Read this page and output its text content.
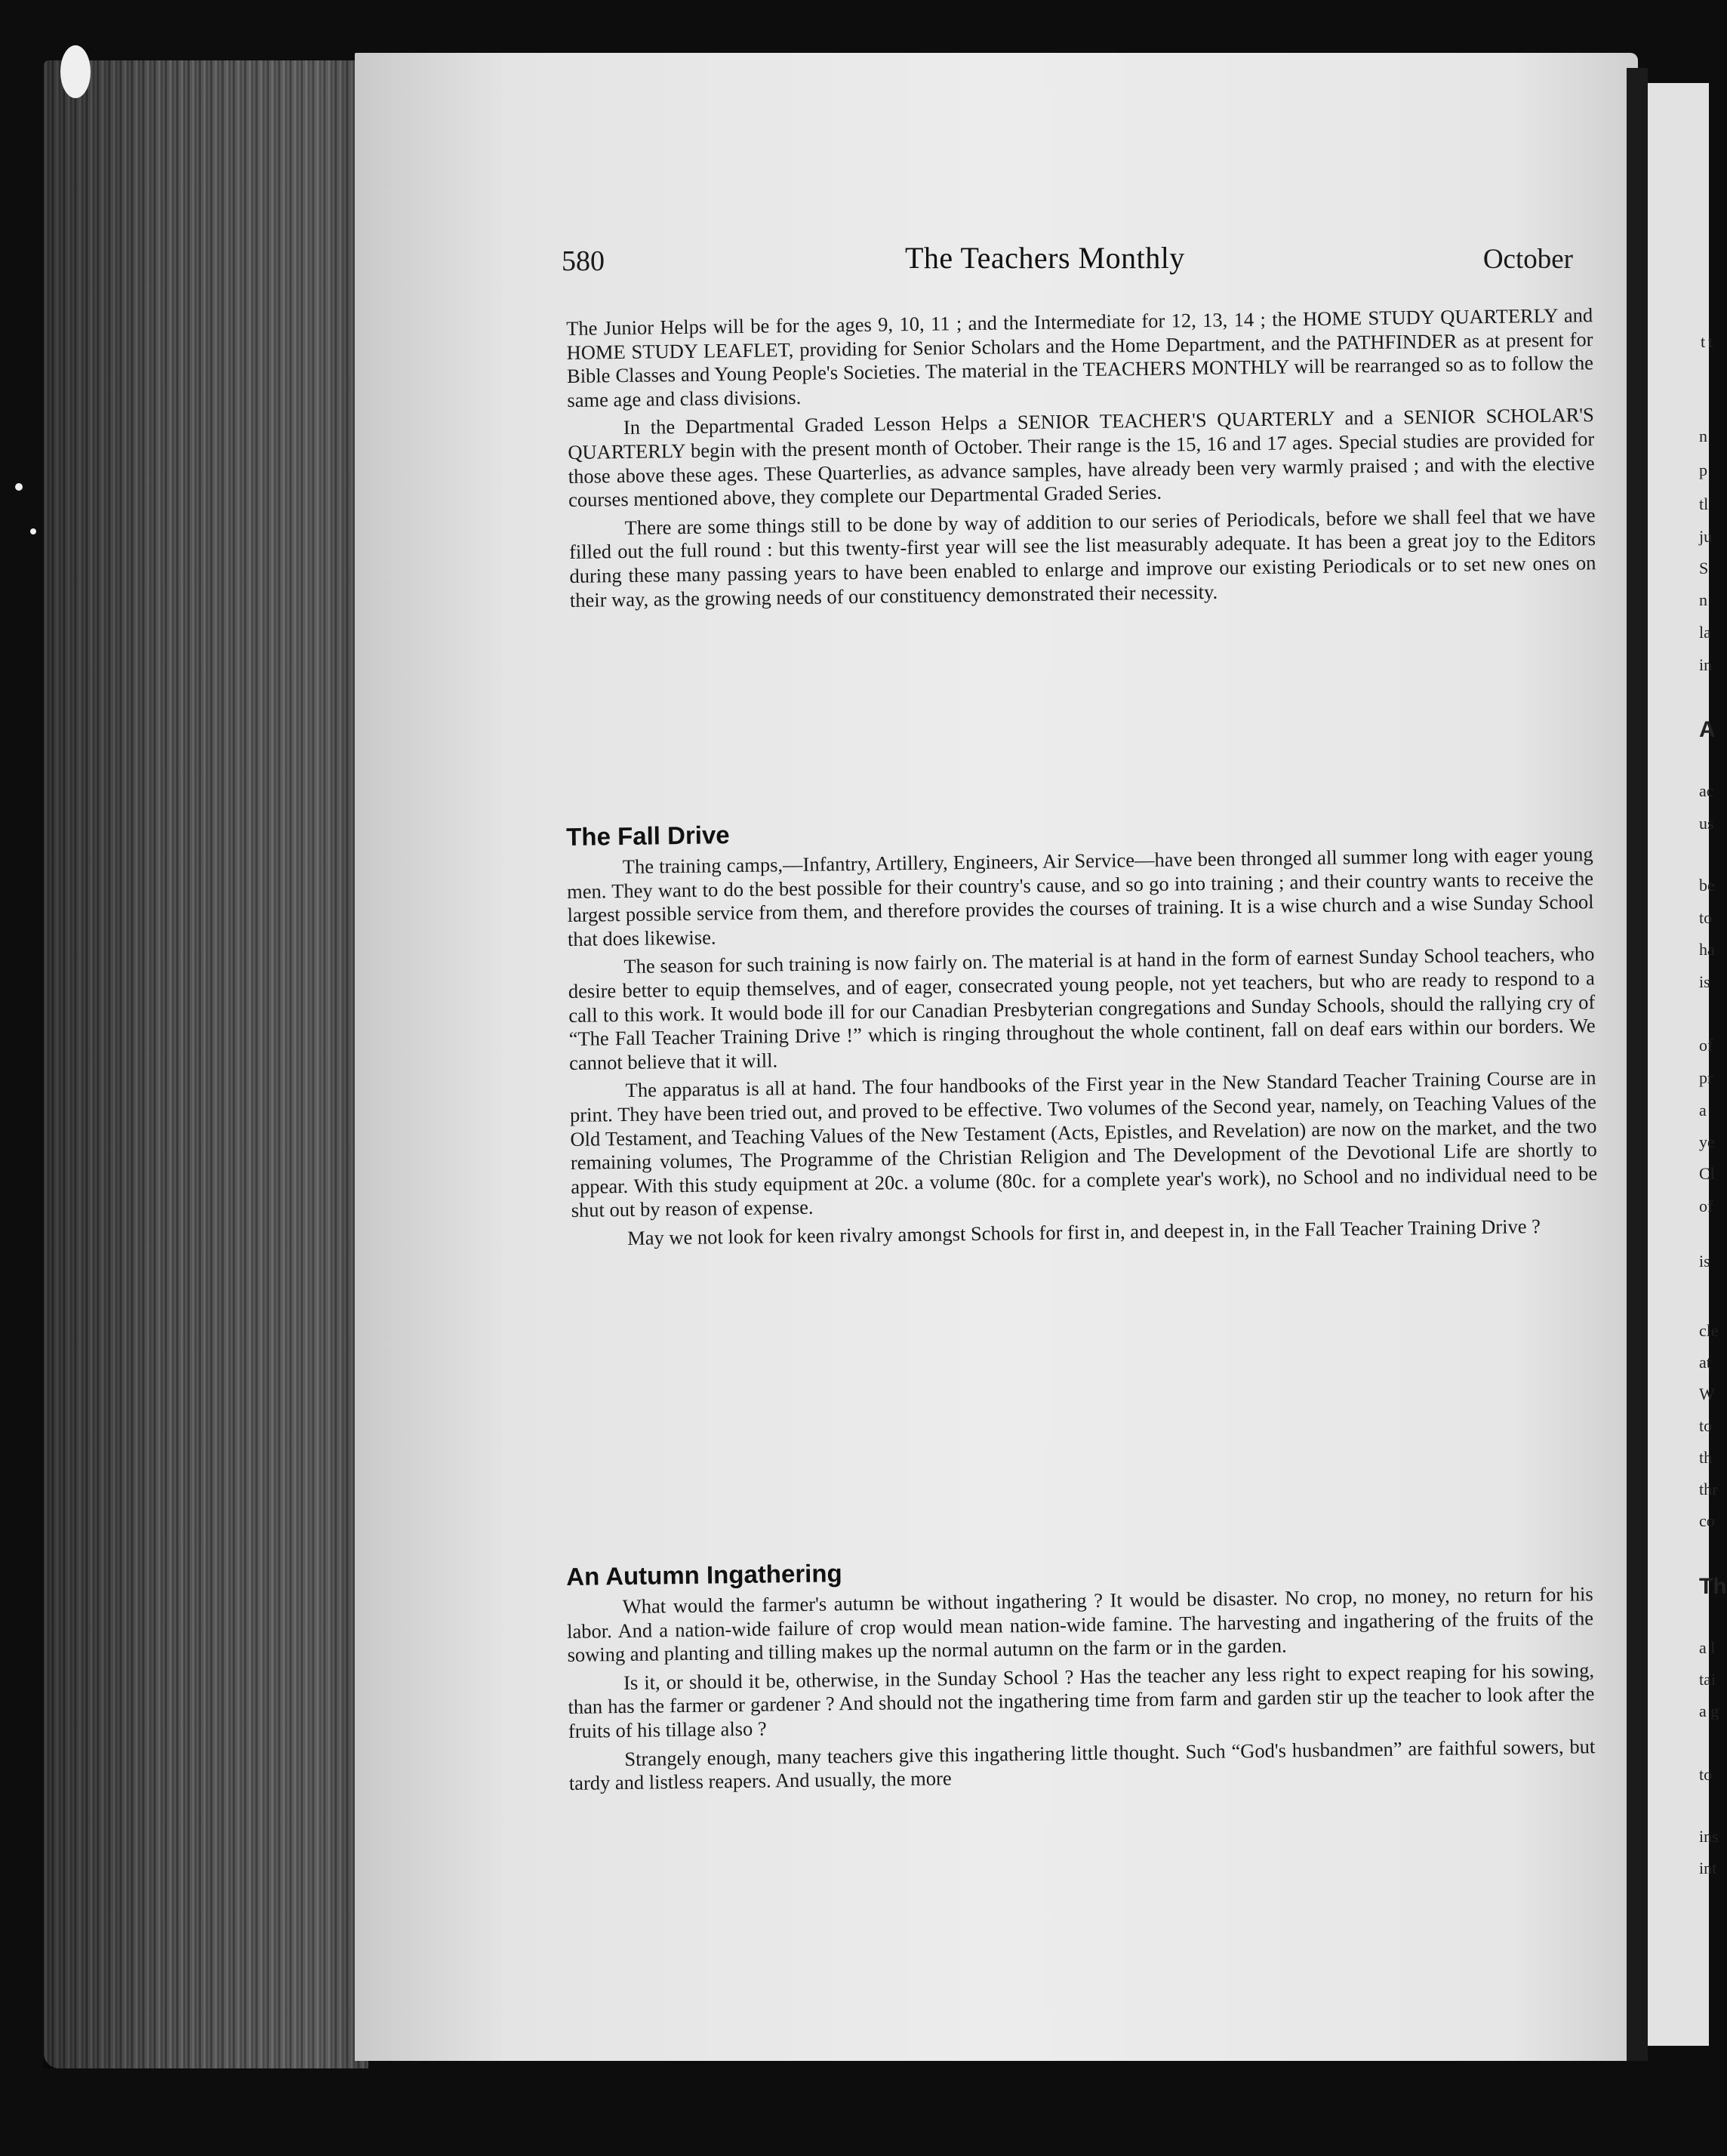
t
t
n
p
tl
ju
S
n
la
in
A
ac
us
be
to
ha
is
of
pr
a
ye
Cl
of
is
cle
at
W
to
th
thr
co
Th
a l
tai
a g
to
ins
int
580	The Teachers Monthly	October

The Junior Helps will be for the ages 9, 10, 11 ; and the Intermediate for 12, 13, 14 ; the HOME STUDY QUARTERLY and HOME STUDY LEAFLET, providing for Senior Scholars and the Home Department, and the PATHFINDER as at present for Bible Classes and Young People's Societies. The material in the TEACHERS MONTHLY will be rearranged so as to follow the same age and class divisions.

In the Departmental Graded Lesson Helps a SENIOR TEACHER'S QUARTERLY and a SENIOR SCHOLAR'S QUARTERLY begin with the present month of October. Their range is the 15, 16 and 17 ages. Special studies are provided for those above these ages. These Quarterlies, as advance samples, have already been very warmly praised ; and with the elective courses mentioned above, they complete our Departmental Graded Series.

There are some things still to be done by way of addition to our series of Periodicals, before we shall feel that we have filled out the full round : but this twenty-first year will see the list measurably adequate. It has been a great joy to the Editors during these many passing years to have been enabled to enlarge and improve our existing Periodicals or to set new ones on their way, as the growing needs of our constituency demonstrated their necessity.

The Fall Drive

The training camps,—Infantry, Artillery, Engineers, Air Service—have been thronged all summer long with eager young men. They want to do the best possible for their country's cause, and so go into training ; and their country wants to receive the largest possible service from them, and therefore provides the courses of training. It is a wise church and a wise Sunday School that does likewise.

The season for such training is now fairly on. The material is at hand in the form of earnest Sunday School teachers, who desire better to equip themselves, and of eager, consecrated young people, not yet teachers, but who are ready to respond to a call to this work. It would bode ill for our Canadian Presbyterian congregations and Sunday Schools, should the rallying cry of “The Fall Teacher Training Drive !” which is ringing throughout the whole continent, fall on deaf ears within our borders. We cannot believe that it will.

The apparatus is all at hand. The four handbooks of the First year in the New Standard Teacher Training Course are in print. They have been tried out, and proved to be effective. Two volumes of the Second year, namely, on Teaching Values of the Old Testament, and Teaching Values of the New Testament (Acts, Epistles, and Revelation) are now on the market, and the two remaining volumes, The Programme of the Christian Religion and The Development of the Devotional Life are shortly to appear. With this study equipment at 20c. a volume (80c. for a complete year's work), no School and no individual need to be shut out by reason of expense.

May we not look for keen rivalry amongst Schools for first in, and deepest in, in the Fall Teacher Training Drive ?

An Autumn Ingathering

What would the farmer's autumn be without ingathering ? It would be disaster. No crop, no money, no return for his labor. And a nation-wide failure of crop would mean nation-wide famine. The harvesting and ingathering of the fruits of the sowing and planting and tilling makes up the normal autumn on the farm or in the garden.

Is it, or should it be, otherwise, in the Sunday School ? Has the teacher any less right to expect reaping for his sowing, than has the farmer or gardener ? And should not the ingathering time from farm and garden stir up the teacher to look after the fruits of his tillage also ?

Strangely enough, many teachers give this ingathering little thought. Such “God's husbandmen” are faithful sowers, but tardy and listless reapers. And usually, the more
